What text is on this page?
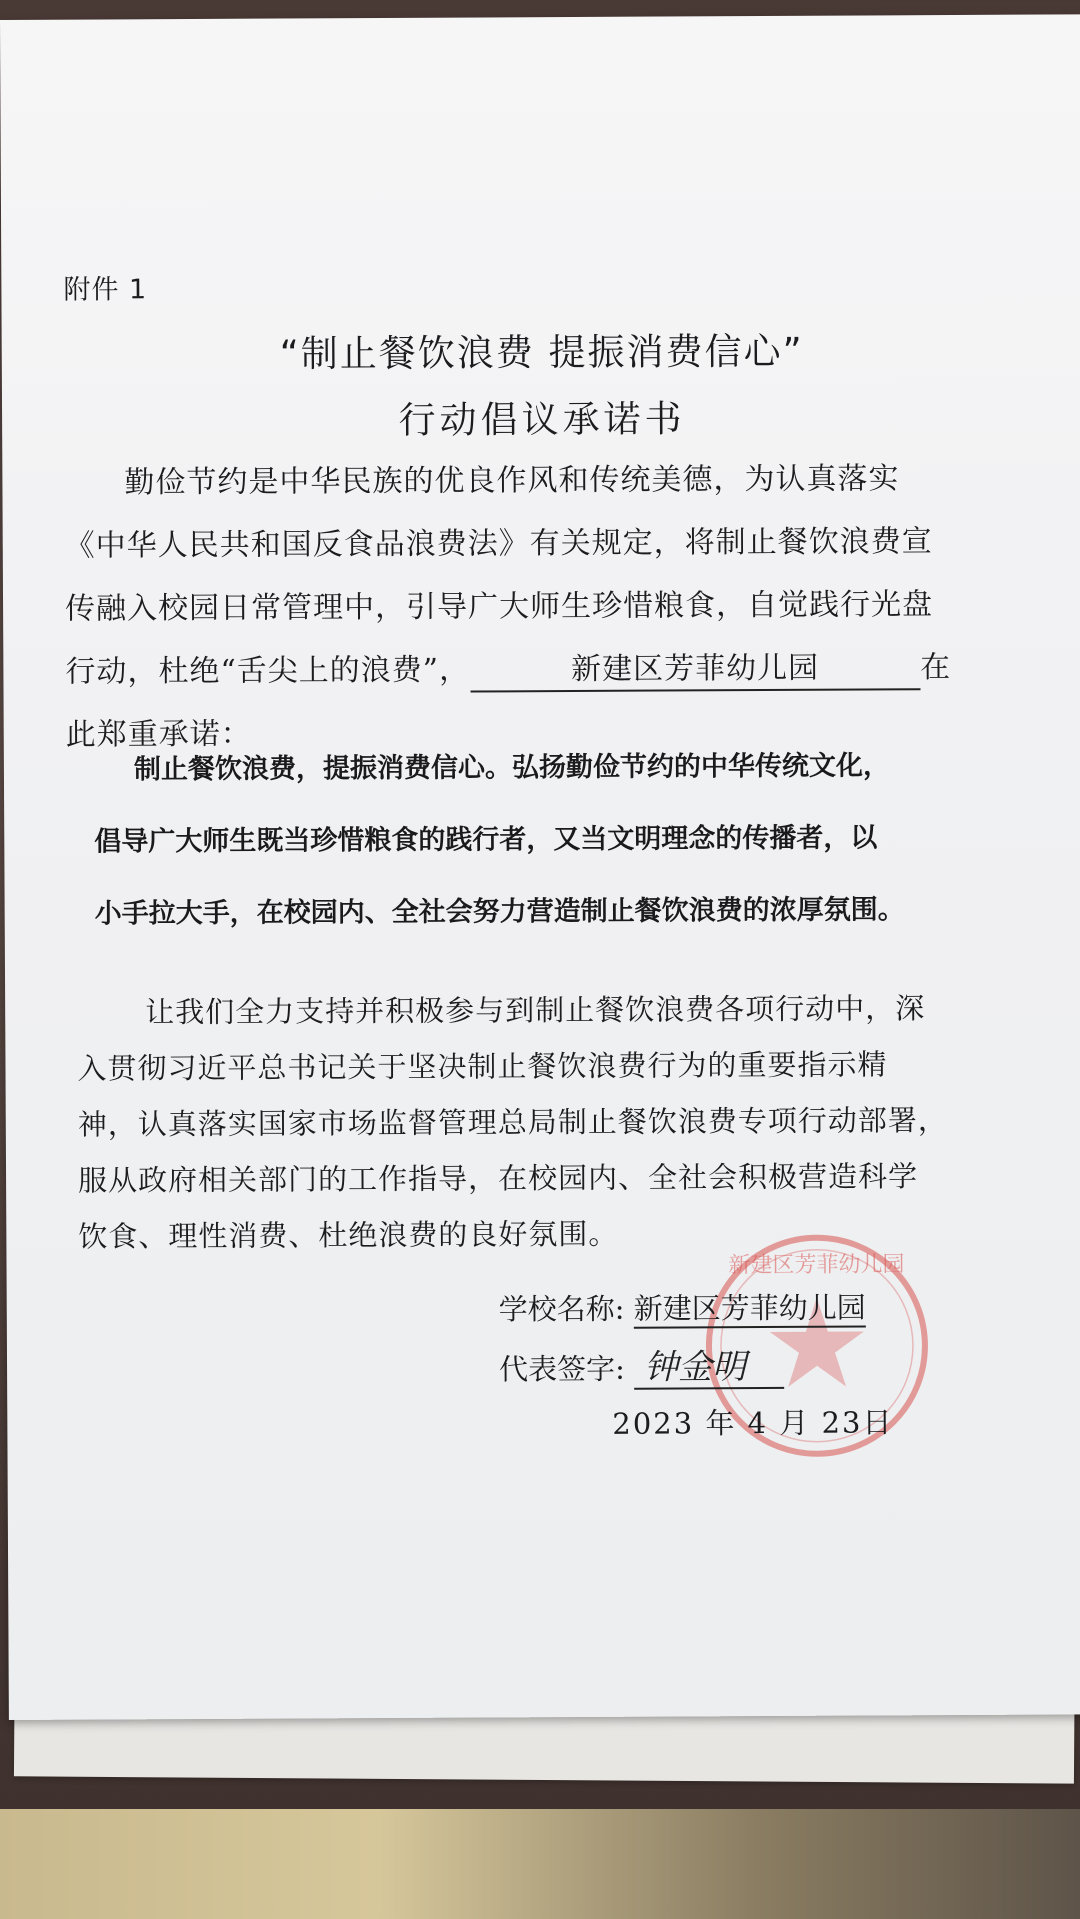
附件 1
“制止餐饮浪费 提振消费信心”
行动倡议承诺书
勤俭节约是中华民族的优良作风和传统美德，为认真落实
《中华人民共和国反食品浪费法》有关规定，将制止餐饮浪费宣
传融入校园日常管理中，引导广大师生珍惜粮食，自觉践行光盘
行动，杜绝“舌尖上的浪费”，	新建区芳菲幼儿园	在
此郑重承诺：
制止餐饮浪费，提振消费信心。弘扬勤俭节约的中华传统文化，
倡导广大师生既当珍惜粮食的践行者，又当文明理念的传播者，以
小手拉大手，在校园内、全社会努力营造制止餐饮浪费的浓厚氛围。
让我们全力支持并积极参与到制止餐饮浪费各项行动中，深
入贯彻习近平总书记关于坚决制止餐饮浪费行为的重要指示精
神，认真落实国家市场监督管理总局制止餐饮浪费专项行动部署，
服从政府相关部门的工作指导，在校园内、全社会积极营造科学
饮食、理性消费、杜绝浪费的良好氛围。
新建区芳菲幼儿园
学校名称: 新建区芳菲幼儿园
代表签字: 钟金明
2023 年 4 月 23日
